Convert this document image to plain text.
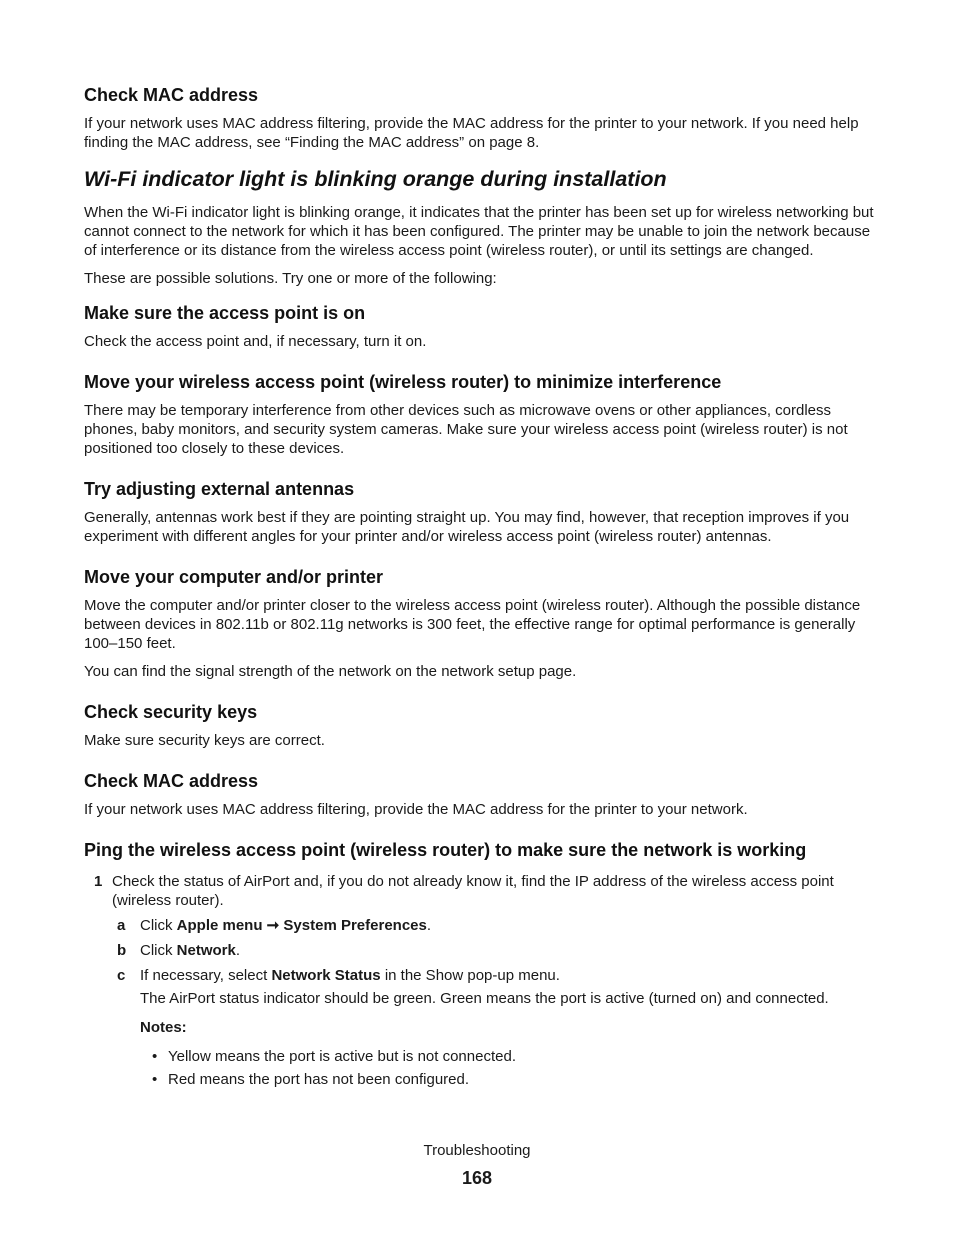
Check MAC address

If your network uses MAC address filtering, provide the MAC address for the printer to your network. If you need help finding the MAC address, see “Finding the MAC address” on page 8.

Wi-Fi indicator light is blinking orange during installation

When the Wi-Fi indicator light is blinking orange, it indicates that the printer has been set up for wireless networking but cannot connect to the network for which it has been configured. The printer may be unable to join the network because of interference or its distance from the wireless access point (wireless router), or until its settings are changed.

These are possible solutions. Try one or more of the following:

Make sure the access point is on

Check the access point and, if necessary, turn it on.

Move your wireless access point (wireless router) to minimize interference

There may be temporary interference from other devices such as microwave ovens or other appliances, cordless phones, baby monitors, and security system cameras. Make sure your wireless access point (wireless router) is not positioned too closely to these devices.

Try adjusting external antennas

Generally, antennas work best if they are pointing straight up. You may find, however, that reception improves if you experiment with different angles for your printer and/or wireless access point (wireless router) antennas.

Move your computer and/or printer

Move the computer and/or printer closer to the wireless access point (wireless router). Although the possible distance between devices in 802.11b or 802.11g networks is 300 feet, the effective range for optimal performance is generally 100–150 feet.

You can find the signal strength of the network on the network setup page.

Check security keys

Make sure security keys are correct.

Check MAC address

If your network uses MAC address filtering, provide the MAC address for the printer to your network.

Ping the wireless access point (wireless router) to make sure the network is working
1 Check the status of AirPort and, if you do not already know it, find the IP address of the wireless access point (wireless router).
a Click Apple menu ➞ System Preferences.
b Click Network.
c If necessary, select Network Status in the Show pop-up menu.
The AirPort status indicator should be green. Green means the port is active (turned on) and connected.
Notes:
• Yellow means the port is active but is not connected.
• Red means the port has not been configured.
Troubleshooting
168
